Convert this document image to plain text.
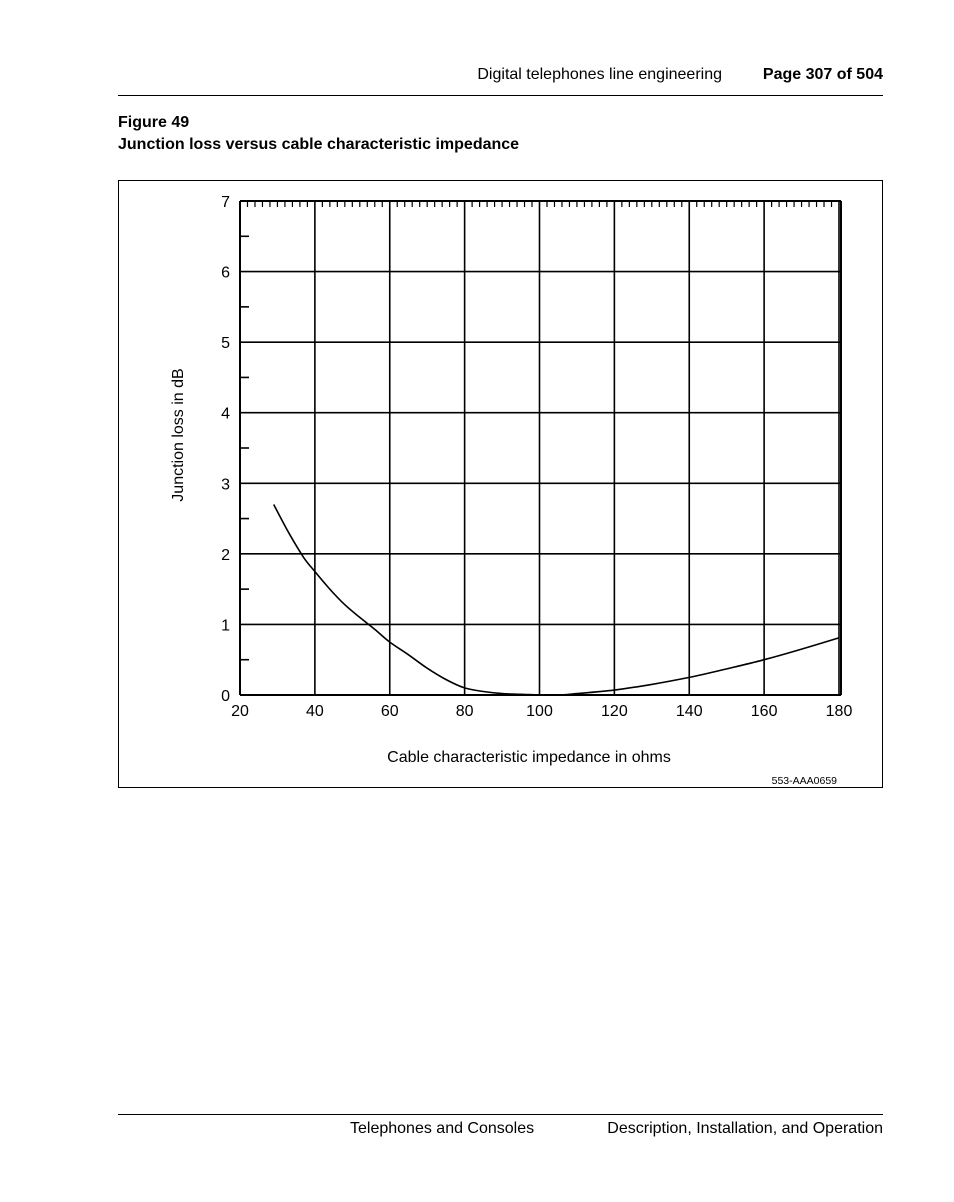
Digital telephones line engineering	Page 307 of 504
Figure 49
Junction loss versus cable characteristic impedance
20	40	60	80	100	120	140	160	180
0
1
2
3
4
5
6
7
Cable characteristic impedance in ohms
Junction loss in dB
553-AAA0659
Telephones and Consoles	Description, Installation, and Operation
